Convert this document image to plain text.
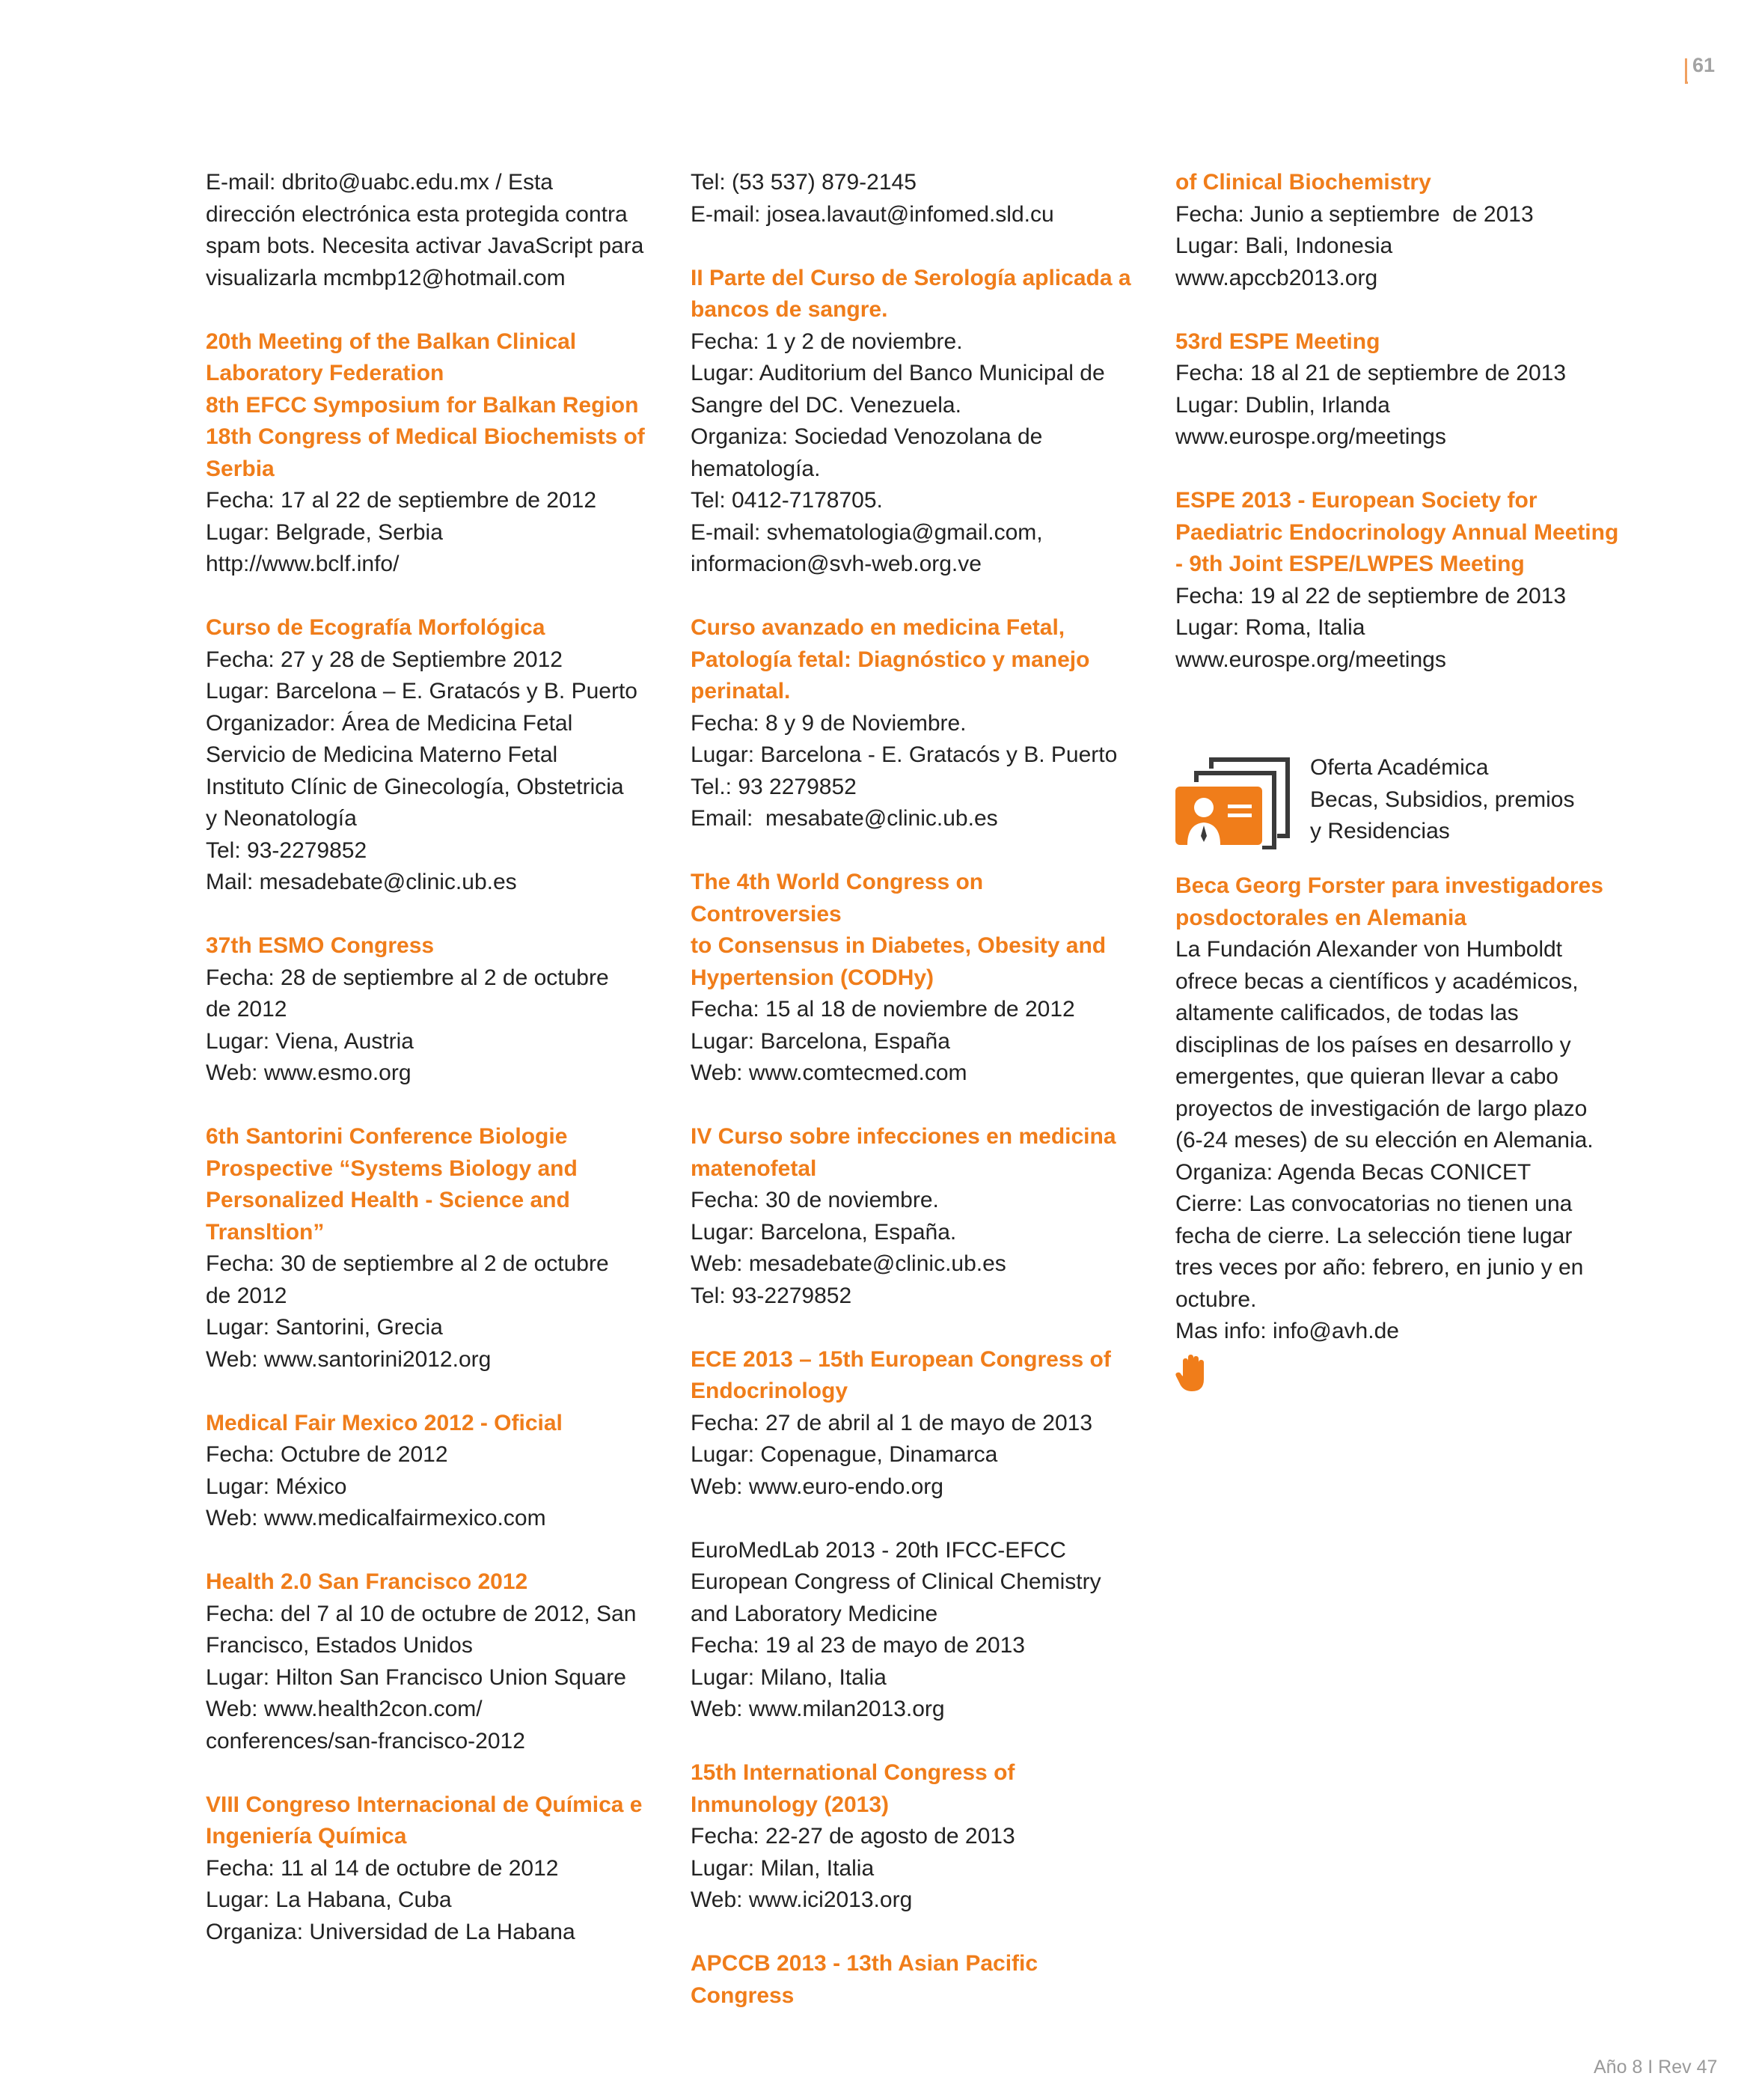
61
E-mail: dbrito@uabc.edu.mx / Esta
dirección electrónica esta protegida contra
spam bots. Necesita activar JavaScript para
visualizarla mcmbp12@hotmail.com
20th Meeting of the Balkan Clinical
Laboratory Federation
8th EFCC Symposium for Balkan Region
18th Congress of Medical Biochemists of
Serbia
Fecha: 17 al 22 de septiembre de 2012
Lugar: Belgrade, Serbia
http://www.bclf.info/
Curso de Ecografía Morfológica
Fecha: 27 y 28 de Septiembre 2012
Lugar: Barcelona – E. Gratacós y B. Puerto
Organizador: Área de Medicina Fetal
Servicio de Medicina Materno Fetal
Instituto Clínic de Ginecología, Obstetricia
y Neonatología
Tel: 93-2279852
Mail: mesadebate@clinic.ub.es
37th ESMO Congress
Fecha: 28 de septiembre al 2 de octubre
de 2012
Lugar: Viena, Austria
Web: www.esmo.org
6th Santorini Conference Biologie
Prospective “Systems Biology and
Personalized Health - Science and
Transltion”
Fecha: 30 de septiembre al 2 de octubre
de 2012
Lugar: Santorini, Grecia
Web: www.santorini2012.org
Medical Fair Mexico 2012 - Oficial
Fecha: Octubre de 2012
Lugar: México
Web: www.medicalfairmexico.com
Health 2.0 San Francisco 2012
Fecha: del 7 al 10 de octubre de 2012, San
Francisco, Estados Unidos
Lugar: Hilton San Francisco Union Square
Web: www.health2con.com/
conferences/san-francisco-2012
VIII Congreso Internacional de Química e
Ingeniería Química
Fecha: 11 al 14 de octubre de 2012
Lugar: La Habana, Cuba
Organiza: Universidad de La Habana
Tel: (53 537) 879-2145
E-mail: josea.lavaut@infomed.sld.cu
II Parte del Curso de Serología aplicada a
bancos de sangre.
Fecha: 1 y 2 de noviembre.
Lugar: Auditorium del Banco Municipal de
Sangre del DC. Venezuela.
Organiza: Sociedad Venozolana de
hematología.
Tel: 0412-7178705.
E-mail: svhematologia@gmail.com,
informacion@svh-web.org.ve
Curso avanzado en medicina Fetal,
Patología fetal: Diagnóstico y manejo
perinatal.
Fecha: 8 y 9 de Noviembre.
Lugar: Barcelona - E. Gratacós y B. Puerto
Tel.: 93 2279852
Email:  mesabate@clinic.ub.es
The 4th World Congress on Controversies
to Consensus in Diabetes, Obesity and
Hypertension (CODHy)
Fecha: 15 al 18 de noviembre de 2012
Lugar: Barcelona, España
Web: www.comtecmed.com
IV Curso sobre infecciones en medicina
matenofetal
Fecha: 30 de noviembre.
Lugar: Barcelona, España.
Web: mesadebate@clinic.ub.es
Tel: 93-2279852
ECE 2013 – 15th European Congress of
Endocrinology
Fecha: 27 de abril al 1 de mayo de 2013
Lugar: Copenague, Dinamarca
Web: www.euro-endo.org
EuroMedLab 2013 - 20th IFCC-EFCC
European Congress of Clinical Chemistry
and Laboratory Medicine
Fecha: 19 al 23 de mayo de 2013
Lugar: Milano, Italia
Web: www.milan2013.org
15th International Congress of
Inmunology (2013)
Fecha: 22-27 de agosto de 2013
Lugar: Milan, Italia
Web: www.ici2013.org
APCCB 2013 - 13th Asian Pacific Congress
of Clinical Biochemistry
Fecha: Junio a septiembre  de 2013
Lugar: Bali, Indonesia
www.apccb2013.org
53rd ESPE Meeting
Fecha: 18 al 21 de septiembre de 2013
Lugar: Dublin, Irlanda
www.eurospe.org/meetings
ESPE 2013 - European Society for
Paediatric Endocrinology Annual Meeting
- 9th Joint ESPE/LWPES Meeting
Fecha: 19 al 22 de septiembre de 2013
Lugar: Roma, Italia
www.eurospe.org/meetings
Oferta Académica
Becas, Subsidios, premios
y Residencias
Beca Georg Forster para investigadores
posdoctorales en Alemania
La Fundación Alexander von Humboldt
ofrece becas a científicos y académicos,
altamente calificados, de todas las
disciplinas de los países en desarrollo y
emergentes, que quieran llevar a cabo
proyectos de investigación de largo plazo
(6-24 meses) de su elección en Alemania.
Organiza: Agenda Becas CONICET
Cierre: Las convocatorias no tienen una
fecha de cierre. La selección tiene lugar
tres veces por año: febrero, en junio y en
octubre.
Mas info: info@avh.de
Año 8 I Rev 47
